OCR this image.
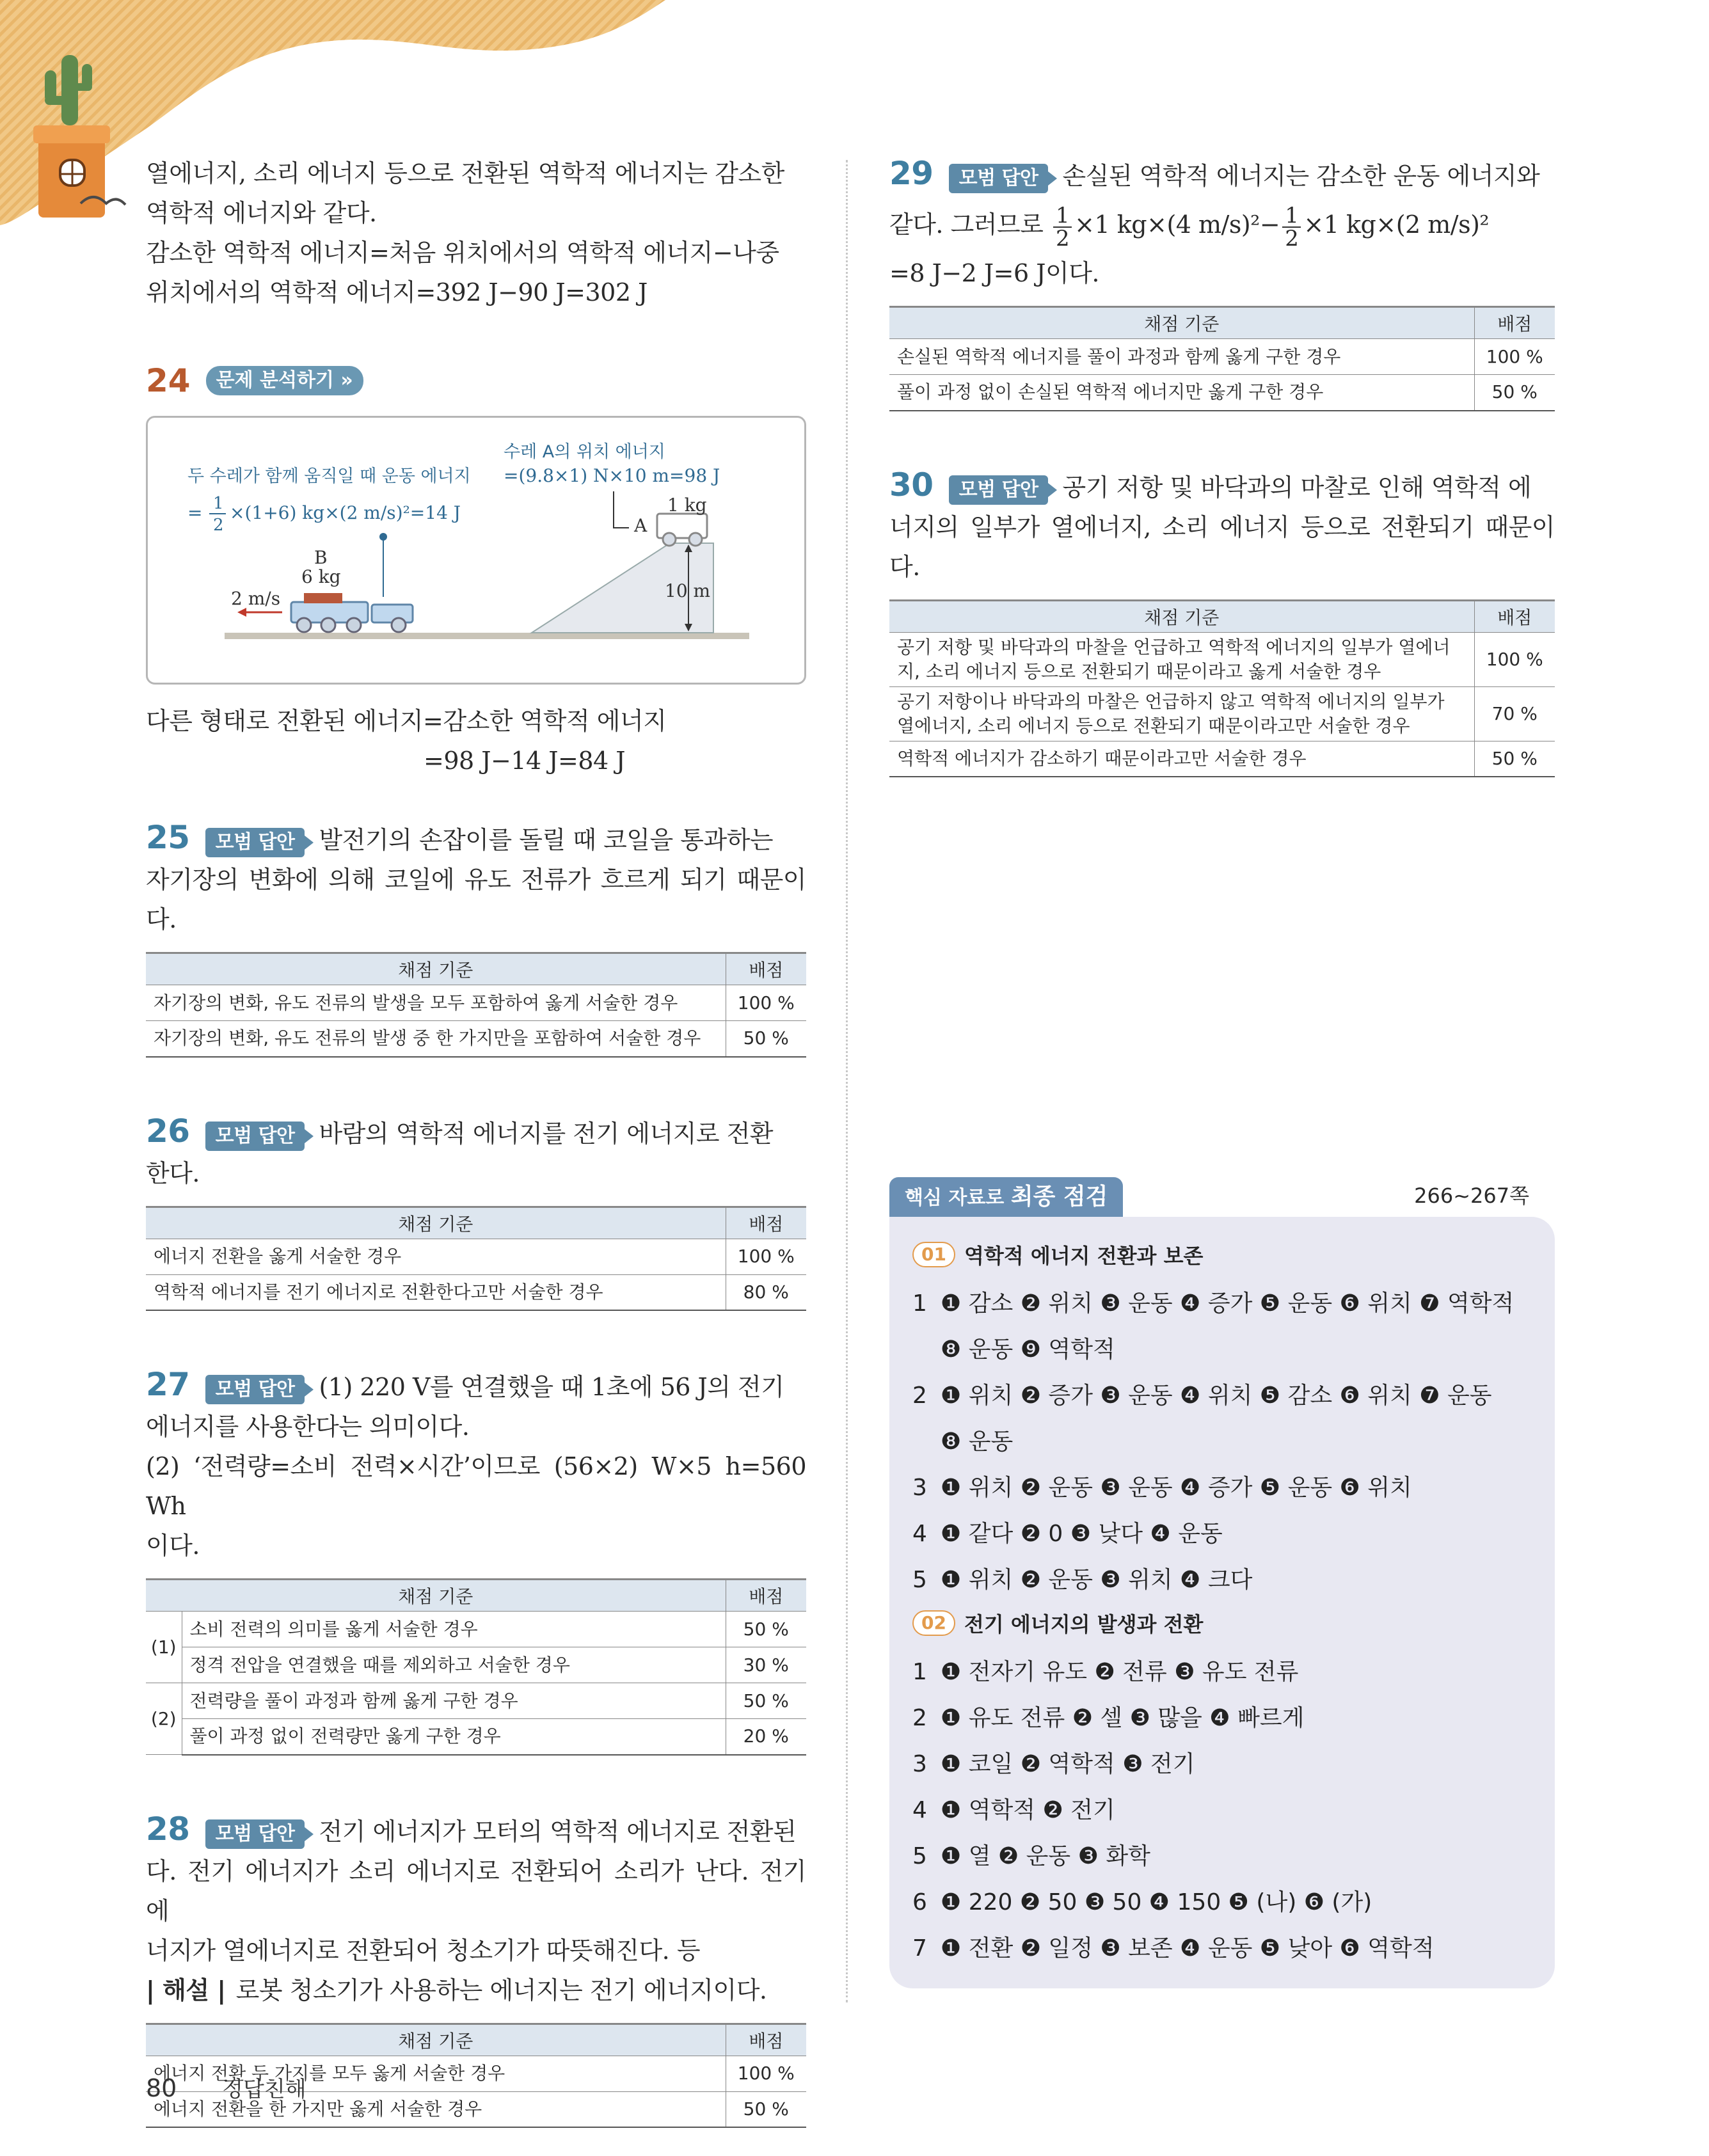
열에너지, 소리 에너지 등으로 전환된 역학적 에너지는 감소한
역학적 에너지와 같다.
감소한 역학적 에너지=처음 위치에서의 역학적 에너지−나중
위치에서의 역학적 에너지=392 J−90 J=302 J
24	문제 분석하기 »
두 수레가 함께 움직일 때 운동 에너지
= 1
2
×(1+6) kg×(2 m/s)²=14 J
수레 A의 위치 에너지
=(9.8×1) N×10 m=98 J
10 m
1 kg
A
B
6 kg
2 m/s
다른 형태로 전환된 에너지=감소한 역학적 에너지
=98 J−14 J=84 J
25 모범 답안 발전기의 손잡이를 돌릴 때 코일을 통과하는
자기장의 변화에 의해 코일에 유도 전류가 흐르게 되기 때문이다.
채점 기준	배점
자기장의 변화, 유도 전류의 발생을 모두 포함하여 옳게 서술한 경우	100 %
자기장의 변화, 유도 전류의 발생 중 한 가지만을 포함하여 서술한 경우	50 %
26 모범 답안 바람의 역학적 에너지를 전기 에너지로 전환
한다.
채점 기준	배점
에너지 전환을 옳게 서술한 경우	100 %
역학적 에너지를 전기 에너지로 전환한다고만 서술한 경우	80 %
27 모범 답안 (1) 220 V를 연결했을 때 1초에 56 J의 전기
에너지를 사용한다는 의미이다.
(2) ‘전력량=소비 전력×시간’이므로 (56×2) W×5 h=560 Wh
이다.
채점 기준		배점
(1)	소비 전력의 의미를 옳게 서술한 경우	50 %
	정격 전압을 연결했을 때를 제외하고 서술한 경우	30 %
(2)	전력량을 풀이 과정과 함께 옳게 구한 경우	50 %
	풀이 과정 없이 전력량만 옳게 구한 경우	20 %
28 모범 답안 전기 에너지가 모터의 역학적 에너지로 전환된
다. 전기 에너지가 소리 에너지로 전환되어 소리가 난다. 전기 에
너지가 열에너지로 전환되어 청소기가 따뜻해진다. 등
| 해설 | 로봇 청소기가 사용하는 에너지는 전기 에너지이다.
채점 기준	배점
에너지 전환 두 가지를 모두 옳게 서술한 경우	100 %
에너지 전환을 한 가지만 옳게 서술한 경우	50 %
29 모범 답안 손실된 역학적 에너지는 감소한 운동 에너지와
같다. 그러므로 $\frac{1}{2} \times 1$ kg×(4 $m/s)^2- \frac{1}{2} \times 1$ kg×(2 m/s)²
=8 J−2 J=6 J이다.
채점 기준	배점
손실된 역학적 에너지를 풀이 과정과 함께 옳게 구한 경우	100 %
풀이 과정 없이 손실된 역학적 에너지만 옳게 구한 경우	50 %
30 모범 답안 공기 저항 및 바닥과의 마찰로 인해 역학적 에
너지의 일부가 열에너지, 소리 에너지 등으로 전환되기 때문이다.
채점 기준	배점
공기 저항 및 바닥과의 마찰을 언급하고 역학적 에너지의 일부가 열에너지, 소리 에너지 등으로 전환되기 때문이라고 옳게 서술한 경우	100 %
공기 저항이나 바닥과의 마찰은 언급하지 않고 역학적 에너지의 일부가 열에너지, 소리 에너지 등으로 전환되기 때문이라고만 서술한 경우	70 %
역학적 에너지가 감소하기 때문이라고만 서술한 경우	50 %
핵심 자료로 최종 점검	266~267쪽
01 역학적 에너지 전환과 보존
1 ❶ 감소 ❷ 위치 ❸ 운동 ❹ 증가 ❺ 운동 ❻ 위치 ❼ 역학적
❽ 운동 ❾ 역학적
2 ❶ 위치 ❷ 증가 ❸ 운동 ❹ 위치 ❺ 감소 ❻ 위치 ❼ 운동
❽ 운동
3 ❶ 위치 ❷ 운동 ❸ 운동 ❹ 증가 ❺ 운동 ❻ 위치
4 ❶ 같다 ❷ 0 ❸ 낮다 ❹ 운동
5 ❶ 위치 ❷ 운동 ❸ 위치 ❹ 크다
02 전기 에너지의 발생과 전환
1 ❶ 전자기 유도 ❷ 전류 ❸ 유도 전류
2 ❶ 유도 전류 ❷ 셀 ❸ 많을 ❹ 빠르게
3 ❶ 코일 ❷ 역학적 ❸ 전기
4 ❶ 역학적 ❷ 전기
5 ❶ 열 ❷ 운동 ❸ 화학
6 ❶ 220 ❷ 50 ❸ 50 ❹ 150 ❺ (나) ❻ (가)
7 ❶ 전환 ❷ 일정 ❸ 보존 ❹ 운동 ❺ 낮아 ❻ 역학적
80 정답친해
